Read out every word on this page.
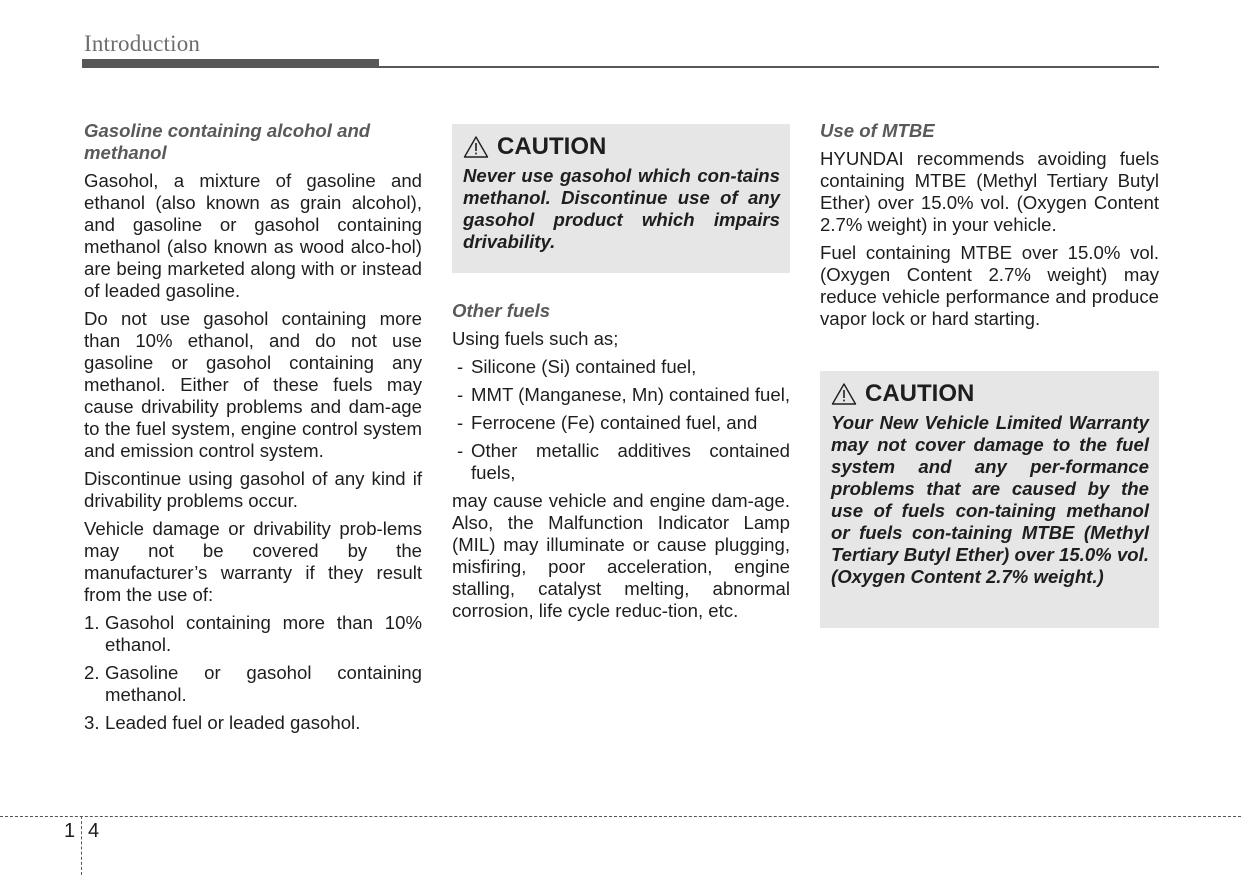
Introduction
Gasoline containing alcohol and methanol

Gasohol, a mixture of gasoline and ethanol (also known as grain alcohol), and gasoline or gasohol containing methanol (also known as wood alco-hol) are being marketed along with or instead of leaded gasoline.

Do not use gasohol containing more than 10% ethanol, and do not use gasoline or gasohol containing any methanol. Either of these fuels may cause drivability problems and dam-age to the fuel system, engine control system and emission control system.

Discontinue using gasohol of any kind if drivability problems occur.

Vehicle damage or drivability prob-lems may not be covered by the manufacturer’s warranty if they result from the use of:

1. Gasohol containing more than 10% ethanol.
2. Gasoline or gasohol containing methanol.
3. Leaded fuel or leaded gasohol.
CAUTION
Never use gasohol which con-tains methanol. Discontinue use of any gasohol product which impairs drivability.
Other fuels

Using fuels such as;

- Silicone (Si) contained fuel,
- MMT (Manganese, Mn) contained fuel,
- Ferrocene (Fe) contained fuel, and
- Other metallic additives contained fuels,

may cause vehicle and engine dam-age. Also, the Malfunction Indicator Lamp (MIL) may illuminate or cause plugging, misfiring, poor acceleration, engine stalling, catalyst melting, abnormal corrosion, life cycle reduc-tion, etc.

Use of MTBE

HYUNDAI recommends avoiding fuels containing MTBE (Methyl Tertiary Butyl Ether) over 15.0% vol. (Oxygen Content 2.7% weight) in your vehicle.

Fuel containing MTBE over 15.0% vol. (Oxygen Content 2.7% weight) may reduce vehicle performance and produce vapor lock or hard starting.

CAUTION
Your New Vehicle Limited Warranty may not cover damage to the fuel system and any per-formance problems that are caused by the use of fuels con-taining methanol or fuels con-taining MTBE (Methyl Tertiary Butyl Ether) over 15.0% vol. (Oxygen Content 2.7% weight.)
1 4
